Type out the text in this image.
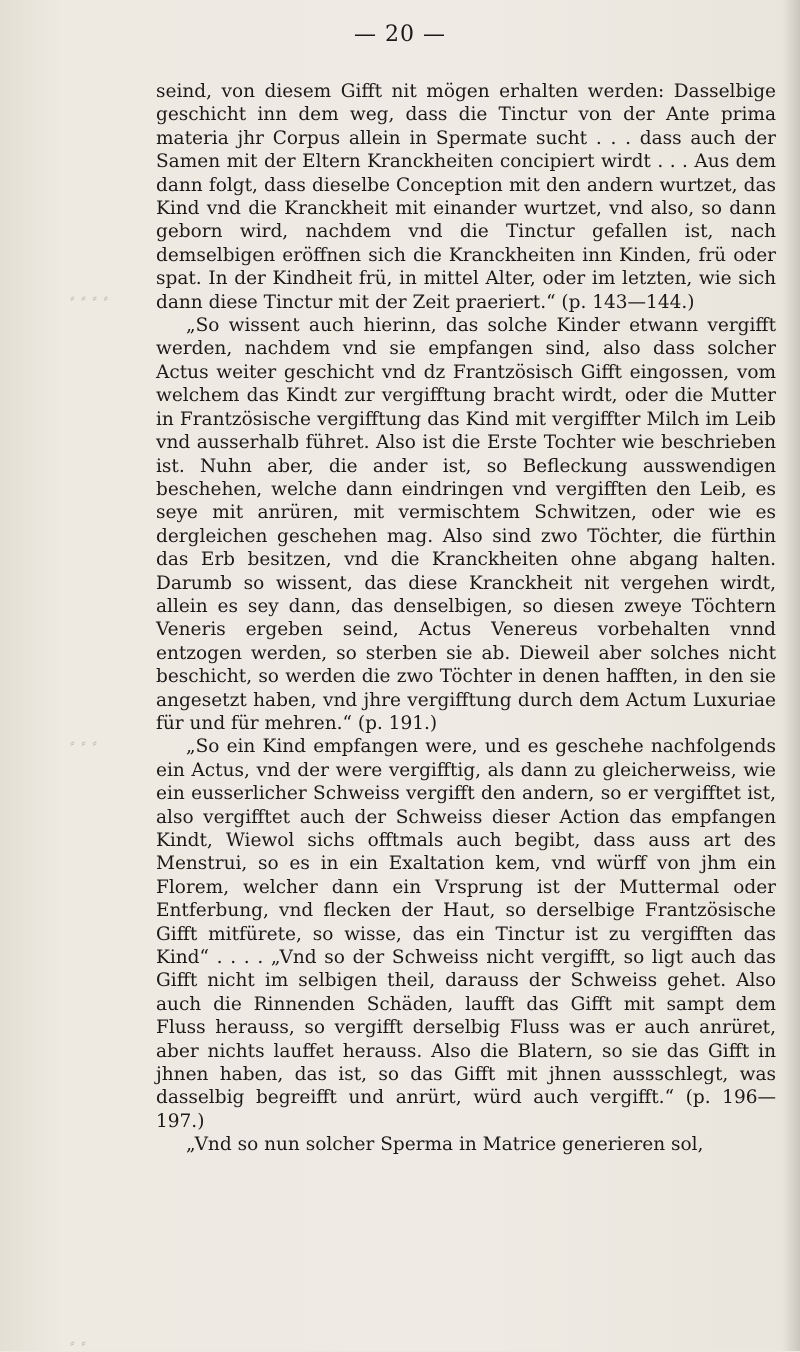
— 20 —
⸗ ⸗ ⸗ ⸗
⸗ ⸗ ⸗
⸗ ⸗

seind, von diesem Gifft nit mögen erhalten werden: Dasselbige geschicht inn dem weg, dass die Tinctur von der Ante prima materia jhr Corpus allein in Spermate sucht . . . dass auch der Samen mit der Eltern Kranckheiten concipiert wirdt . . . Aus dem dann folgt, dass dieselbe Conception mit den andern wurtzet, das Kind vnd die Kranckheit mit einander wurtzet, vnd also, so dann geborn wird, nachdem vnd die Tinctur gefallen ist, nach demselbigen eröffnen sich die Kranckheiten inn Kinden, frü oder spat. In der Kindheit frü, in mittel Alter, oder im letzten, wie sich dann diese Tinctur mit der Zeit praeriert.“ (p. 143—144.)

„So wissent auch hierinn, das solche Kinder etwann vergifft werden, nachdem vnd sie empfangen sind, also dass solcher Actus weiter geschicht vnd dz Frantzösisch Gifft eingossen, vom welchem das Kindt zur vergifftung bracht wirdt, oder die Mutter in Frantzösische vergifftung das Kind mit vergiffter Milch im Leib vnd ausserhalb führet. Also ist die Erste Tochter wie beschrieben ist. Nuhn aber, die ander ist, so Befleckung ausswendigen beschehen, welche dann eindringen vnd vergifften den Leib, es seye mit anrüren, mit vermischtem Schwitzen, oder wie es dergleichen geschehen mag. Also sind zwo Töchter, die fürthin das Erb besitzen, vnd die Kranckheiten ohne abgang halten. Darumb so wissent, das diese Kranckheit nit vergehen wirdt, allein es sey dann, das denselbigen, so diesen zweye Töchtern Veneris ergeben seind, Actus Venereus vorbehalten vnnd entzogen werden, so sterben sie ab. Dieweil aber solches nicht beschicht, so werden die zwo Töchter in denen hafften, in den sie angesetzt haben, vnd jhre vergifftung durch dem Actum Luxuriae für und für mehren.“ (p. 191.)

„So ein Kind empfangen were, und es geschehe nachfolgends ein Actus, vnd der were vergifftig, als dann zu gleicherweiss, wie ein eusserlicher Schweiss vergifft den andern, so er vergifftet ist, also vergifftet auch der Schweiss dieser Action das empfangen Kindt, Wiewol sichs offtmals auch begibt, dass auss art des Menstrui, so es in ein Exaltation kem, vnd würff von jhm ein Florem, welcher dann ein Vrsprung ist der Muttermal oder Entferbung, vnd flecken der Haut, so derselbige Frantzösische Gifft mitfürete, so wisse, das ein Tinctur ist zu vergifften das Kind“ . . . . „Vnd so der Schweiss nicht vergifft, so ligt auch das Gifft nicht im selbigen theil, darauss der Schweiss gehet. Also auch die Rinnenden Schäden, laufft das Gifft mit sampt dem Fluss herauss, so vergifft derselbig Fluss was er auch anrüret, aber nichts lauffet herauss. Also die Blatern, so sie das Gifft in jhnen haben, das ist, so das Gifft mit jhnen aussschlegt, was dasselbig begreifft und anrürt, würd auch vergifft.“ (p. 196—197.)

„Vnd so nun solcher Sperma in Matrice generieren sol,
